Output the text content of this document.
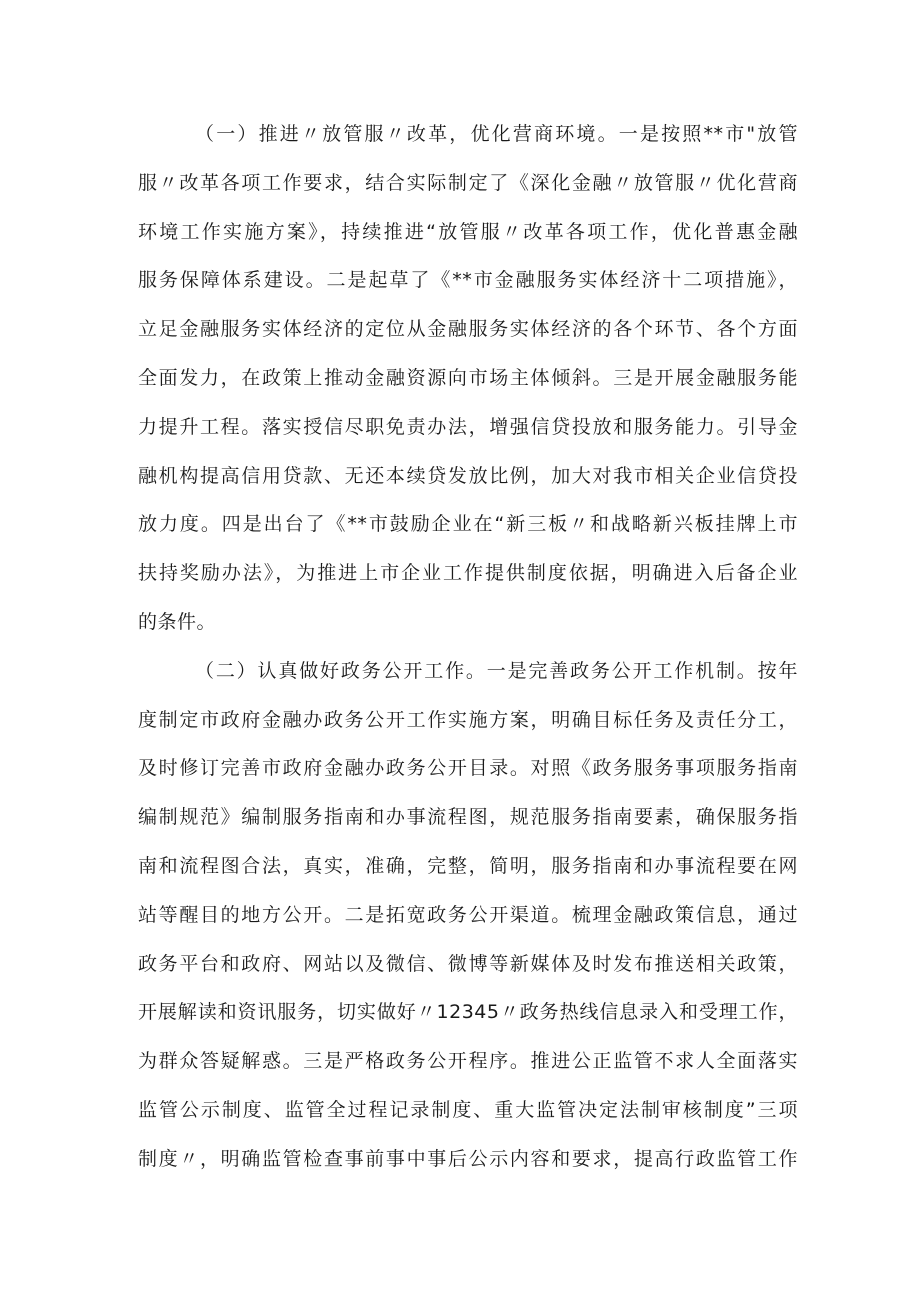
（一）推进〃放管服〃改革，优化营商环境。一是按照**市"放管
服〃改革各项工作要求，结合实际制定了《深化金融〃放管服〃优化营商
环境工作实施方案》，持续推进“放管服〃改革各项工作，优化普惠金融
服务保障体系建设。二是起草了《**市金融服务实体经济十二项措施》，
立足金融服务实体经济的定位从金融服务实体经济的各个环节、各个方面
全面发力，在政策上推动金融资源向市场主体倾斜。三是开展金融服务能
力提升工程。落实授信尽职免责办法，增强信贷投放和服务能力。引导金
融机构提高信用贷款、无还本续贷发放比例，加大对我市相关企业信贷投
放力度。四是出台了《**市鼓励企业在“新三板〃和战略新兴板挂牌上市
扶持奖励办法》，为推进上市企业工作提供制度依据，明确进入后备企业
的条件。
（二）认真做好政务公开工作。一是完善政务公开工作机制。按年
度制定市政府金融办政务公开工作实施方案，明确目标任务及责任分工，
及时修订完善市政府金融办政务公开目录。对照《政务服务事项服务指南
编制规范》编制服务指南和办事流程图，规范服务指南要素，确保服务指
南和流程图合法，真实，准确，完整，简明，服务指南和办事流程要在网
站等醒目的地方公开。二是拓宽政务公开渠道。梳理金融政策信息，通过
政务平台和政府、网站以及微信、微博等新媒体及时发布推送相关政策，
开展解读和资讯服务，切实做好〃12345〃政务热线信息录入和受理工作，
为群众答疑解惑。三是严格政务公开程序。推进公正监管不求人全面落实
监管公示制度、监管全过程记录制度、重大监管决定法制审核制度”三项
制度〃，明确监管检查事前事中事后公示内容和要求，提高行政监管工作
